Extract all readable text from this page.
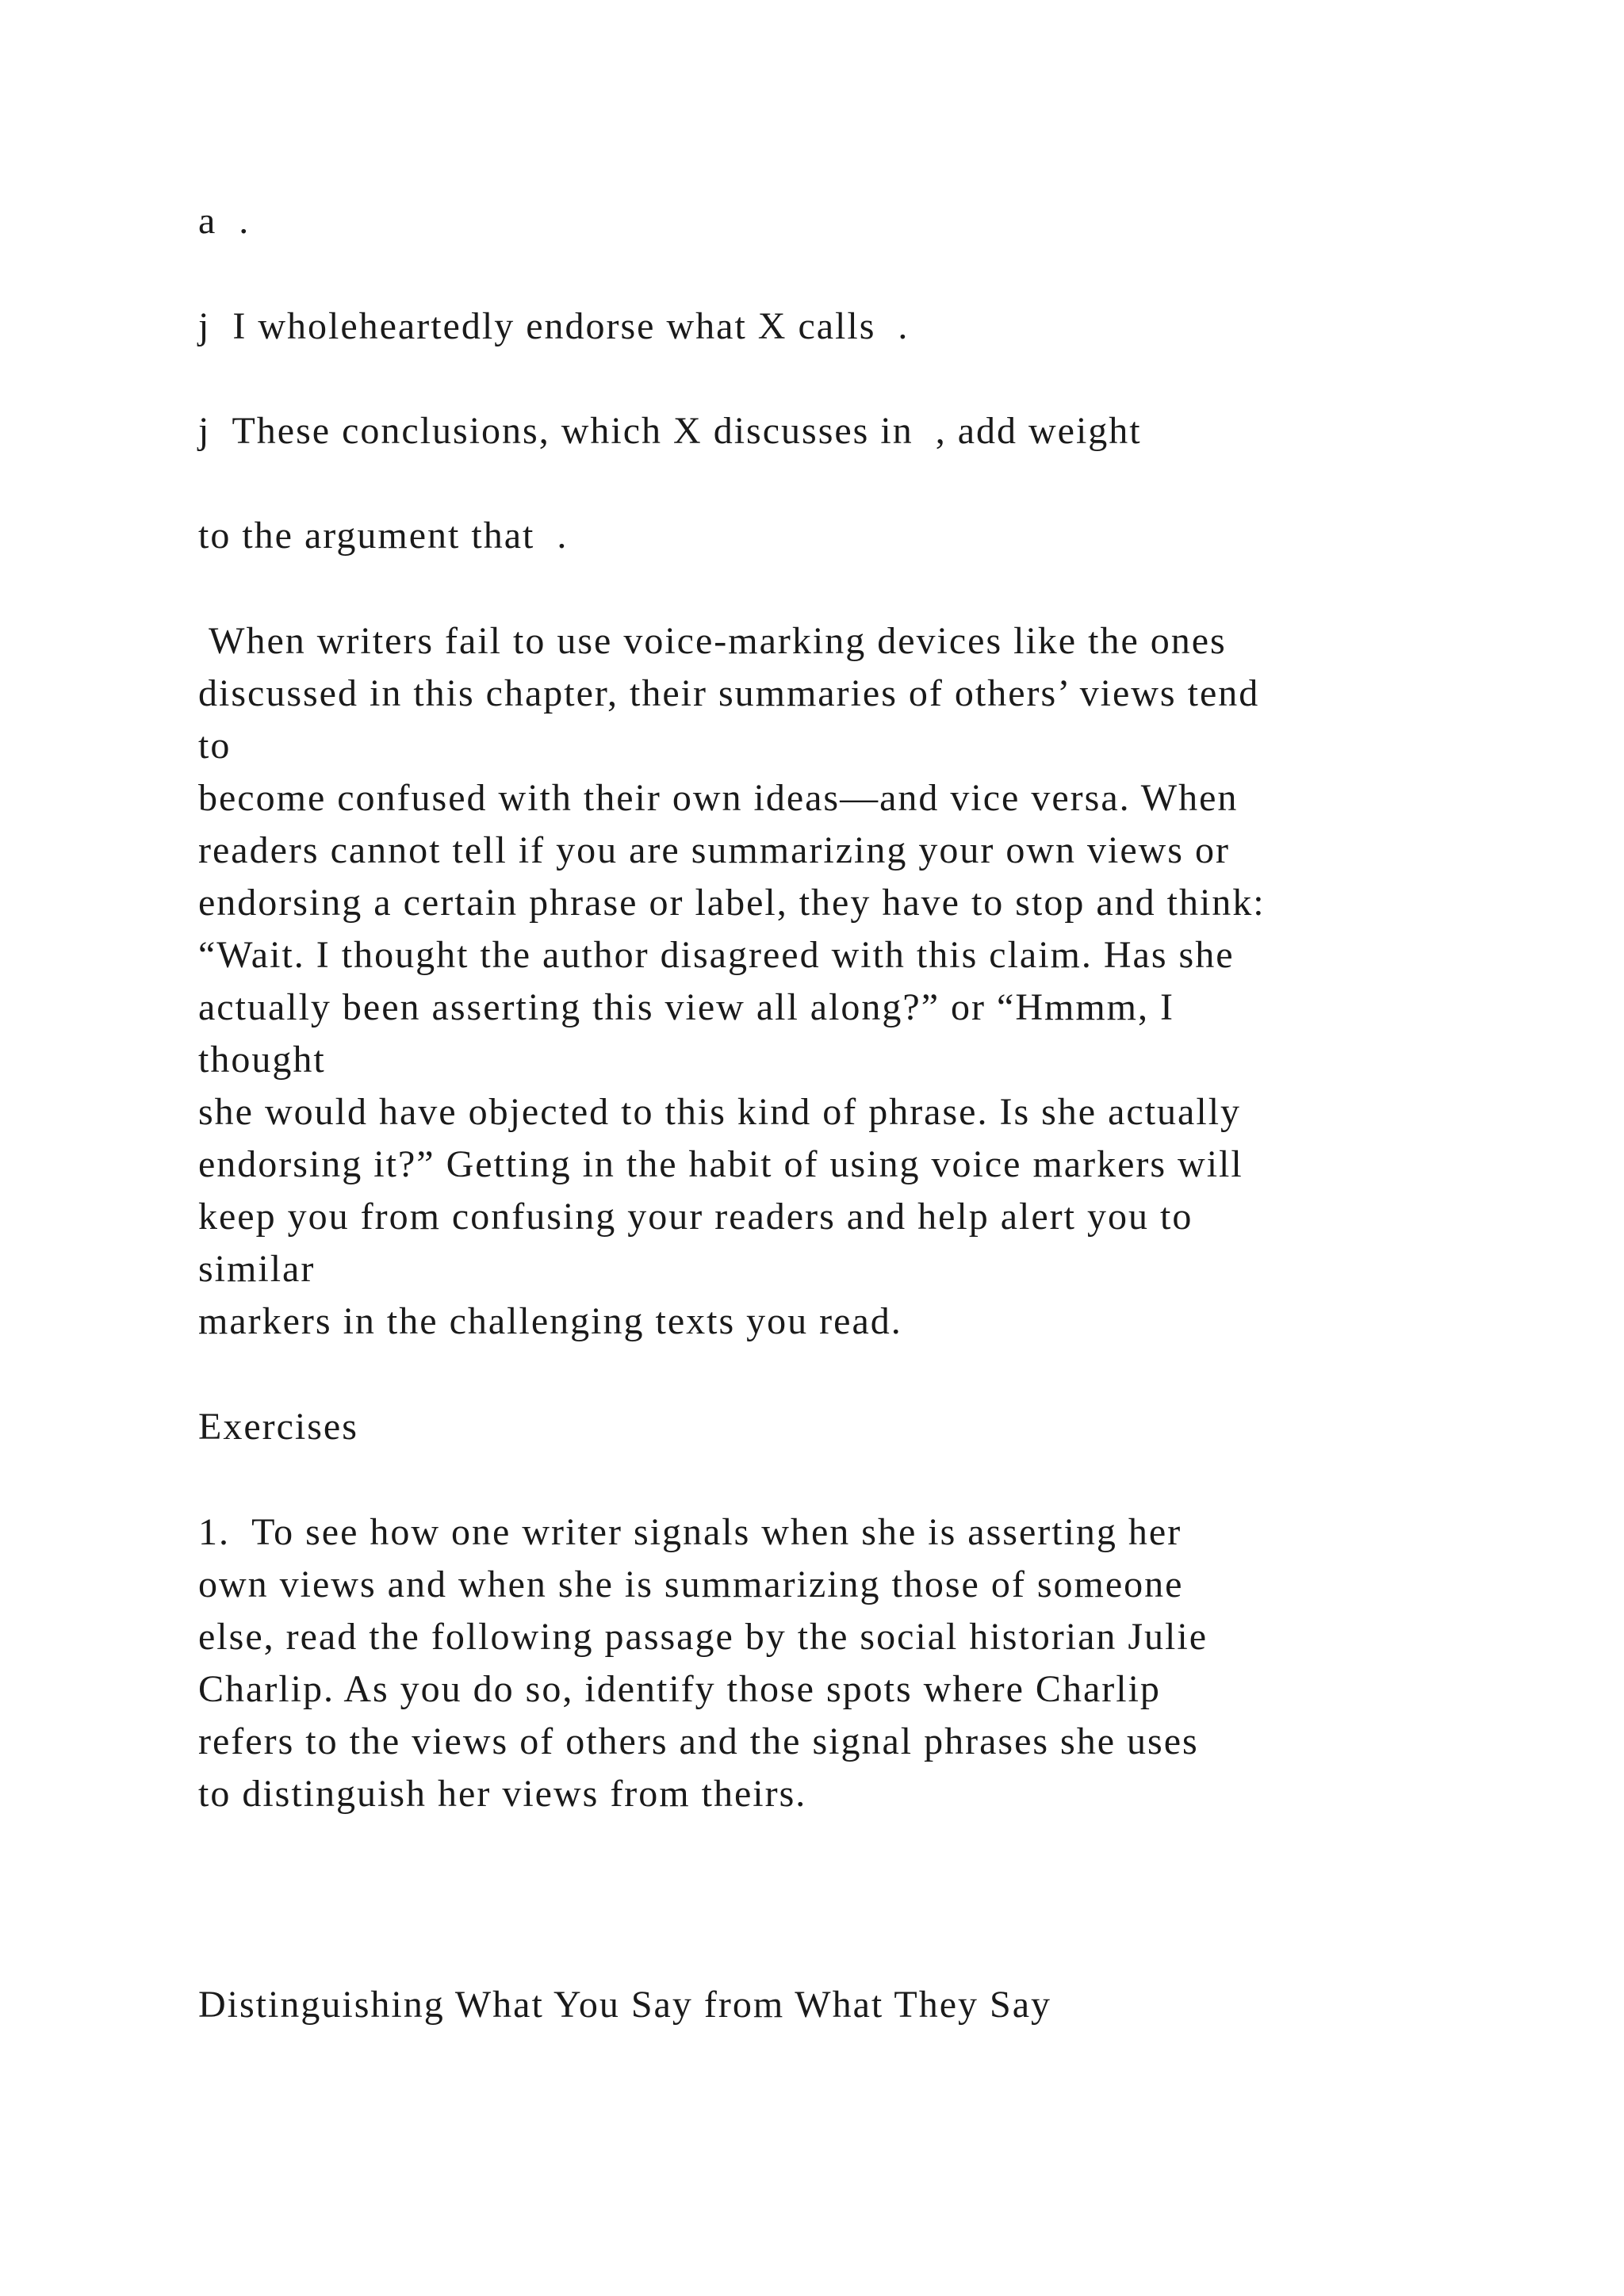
a  .

j  I wholeheartedly endorse what X calls  .

j  These conclusions, which X discusses in  , add weight

to the argument that  .

When writers fail to use voice-marking devices like the ones

discussed in this chapter, their summaries of others’ views tend

to

become confused with their own ideas—and vice versa. When

readers cannot tell if you are summarizing your own views or

endorsing a certain phrase or label, they have to stop and think:

“Wait. I thought the author disagreed with this claim. Has she

actually been asserting this view all along?” or “Hmmm, I

thought

she would have objected to this kind of phrase. Is she actually

endorsing it?” Getting in the habit of using voice markers will

keep you from confusing your readers and help alert you to

similar

markers in the challenging texts you read.

Exercises

1.  To see how one writer signals when she is asserting her

own views and when she is summarizing those of someone

else, read the following passage by the social historian Julie

Charlip. As you do so, identify those spots where Charlip

refers to the views of others and the signal phrases she uses

to distinguish her views from theirs.

Distinguishing What You Say from What They Say
